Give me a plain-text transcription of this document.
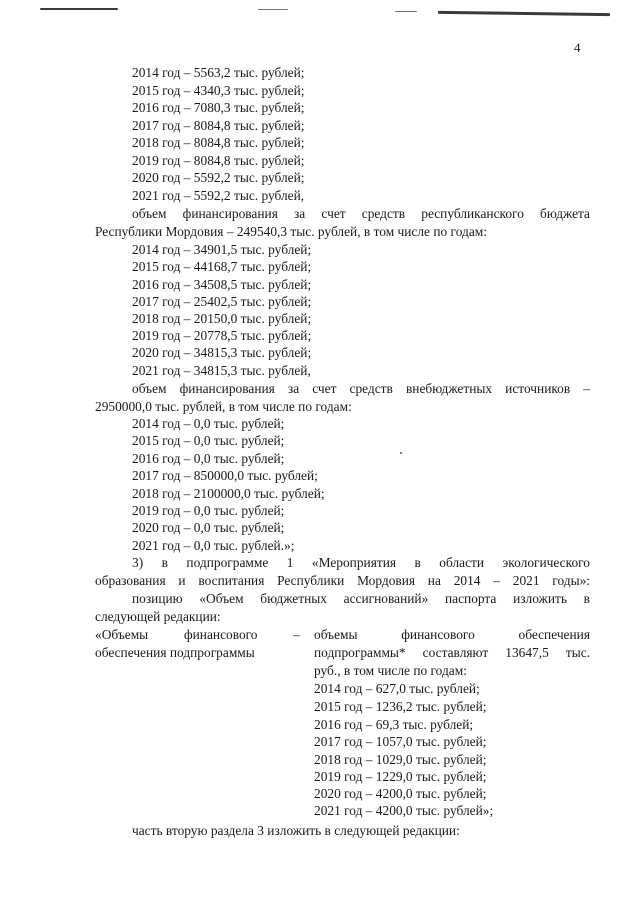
4
2014 год – 5563,2 тыс. рублей;
2015 год – 4340,3 тыс. рублей;
2016 год – 7080,3 тыс. рублей;
2017 год – 8084,8 тыс. рублей;
2018 год – 8084,8 тыс. рублей;
2019 год – 8084,8 тыс. рублей;
2020 год – 5592,2 тыс. рублей;
2021 год – 5592,2 тыс. рублей,
объем финансирования за счет средств республиканского бюджета
Республики Мордовия – 249540,3 тыс. рублей, в том числе по годам:
2014 год – 34901,5 тыс. рублей;
2015 год – 44168,7 тыс. рублей;
2016 год – 34508,5 тыс. рублей;
2017 год – 25402,5 тыс. рублей;
2018 год – 20150,0 тыс. рублей;
2019 год – 20778,5 тыс. рублей;
2020 год – 34815,3 тыс. рублей;
2021 год – 34815,3 тыс. рублей,
объем финансирования за счет средств внебюджетных источников –
2950000,0 тыс. рублей, в том числе по годам:
2014 год – 0,0 тыс. рублей;
2015 год – 0,0 тыс. рублей;
2016 год – 0,0 тыс. рублей;
2017 год – 850000,0 тыс. рублей;
2018 год – 2100000,0 тыс. рублей;
2019 год – 0,0 тыс. рублей;
2020 год – 0,0 тыс. рублей;
2021 год – 0,0 тыс. рублей.»;
3) в подпрограмме 1 «Мероприятия в области экологического
образования и воспитания Республики Мордовия на 2014 – 2021 годы»:
позицию «Объем бюджетных ассигнований» паспорта изложить в
следующей редакции:
«Объемы финансового –
обеспечения подпрограммы
объемы финансового обеспечения
подпрограммы* составляют 13647,5 тыс.
руб., в том числе по годам:
2014 год – 627,0 тыс. рублей;
2015 год – 1236,2 тыс. рублей;
2016 год – 69,3 тыс. рублей;
2017 год – 1057,0 тыс. рублей;
2018 год – 1029,0 тыс. рублей;
2019 год – 1229,0 тыс. рублей;
2020 год – 4200,0 тыс. рублей;
2021 год – 4200,0 тыс. рублей»;
часть вторую раздела 3 изложить в следующей редакции:
